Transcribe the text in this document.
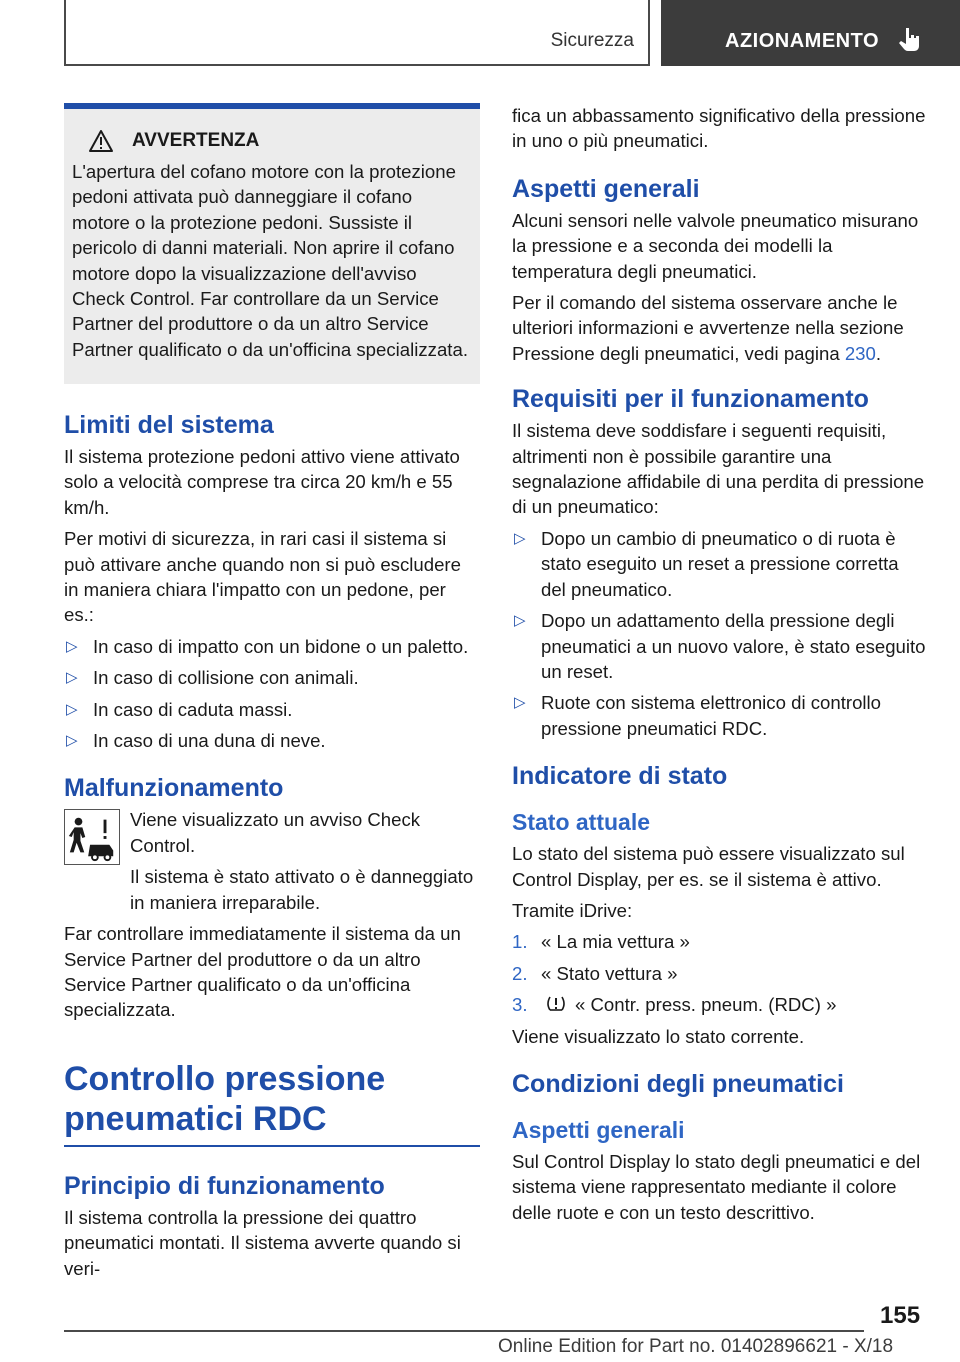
Sicurezza	AZIONAMENTO
AVVERTENZA

L'apertura del cofano motore con la protezione pedoni attivata può danneggiare il cofano motore o la protezione pedoni. Sussiste il pericolo di danni materiali. Non aprire il cofano motore dopo la visualizzazione dell'avviso Check Control. Far controllare da un Service Partner del produttore o da un altro Service Partner qualificato o da un'officina specializzata.

Limiti del sistema

Il sistema protezione pedoni attivo viene attivato solo a velocità comprese tra circa 20 km/h e 55 km/h.

Per motivi di sicurezza, in rari casi il sistema si può attivare anche quando non si può escludere in maniera chiara l'impatto con un pedone, per es.:

▷ In caso di impatto con un bidone o un paletto.
▷ In caso di collisione con animali.
▷ In caso di caduta massi.
▷ In caso di una duna di neve.
Malfunzionamento

Viene visualizzato un avviso Check Control.

Il sistema è stato attivato o è danneggiato in maniera irreparabile.

Far controllare immediatamente il sistema da un Service Partner del produttore o da un altro Service Partner qualificato o da un'officina specializzata.

Controllo pressione pneumatici RDC
Principio di funzionamento

Il sistema controlla la pressione dei quattro pneumatici montati. Il sistema avverte quando si veri-

fica un abbassamento significativo della pressione in uno o più pneumatici.

Aspetti generali

Alcuni sensori nelle valvole pneumatico misurano la pressione e a seconda dei modelli la temperatura degli pneumatici.

Per il comando del sistema osservare anche le ulteriori informazioni e avvertenze nella sezione Pressione degli pneumatici, vedi pagina 230.

Requisiti per il funzionamento

Il sistema deve soddisfare i seguenti requisiti, altrimenti non è possibile garantire una segnalazione affidabile di una perdita di pressione di un pneumatico:

▷ Dopo un cambio di pneumatico o di ruota è stato eseguito un reset a pressione corretta del pneumatico.
▷ Dopo un adattamento della pressione degli pneumatici a un nuovo valore, è stato eseguito un reset.
▷ Ruote con sistema elettronico di controllo pressione pneumatici RDC.
Indicatore di stato
Stato attuale

Lo stato del sistema può essere visualizzato sul Control Display, per es. se il sistema è attivo.

Tramite iDrive:

1. « La mia vettura »
2. « Stato vettura »
3.	« Contr. press. pneum. (RDC) »

Viene visualizzato lo stato corrente.

Condizioni degli pneumatici
Aspetti generali

Sul Control Display lo stato degli pneumatici e del sistema viene rappresentato mediante il colore delle ruote e con un testo descrittivo.

155
Online Edition for Part no. 01402896621 - X/18
